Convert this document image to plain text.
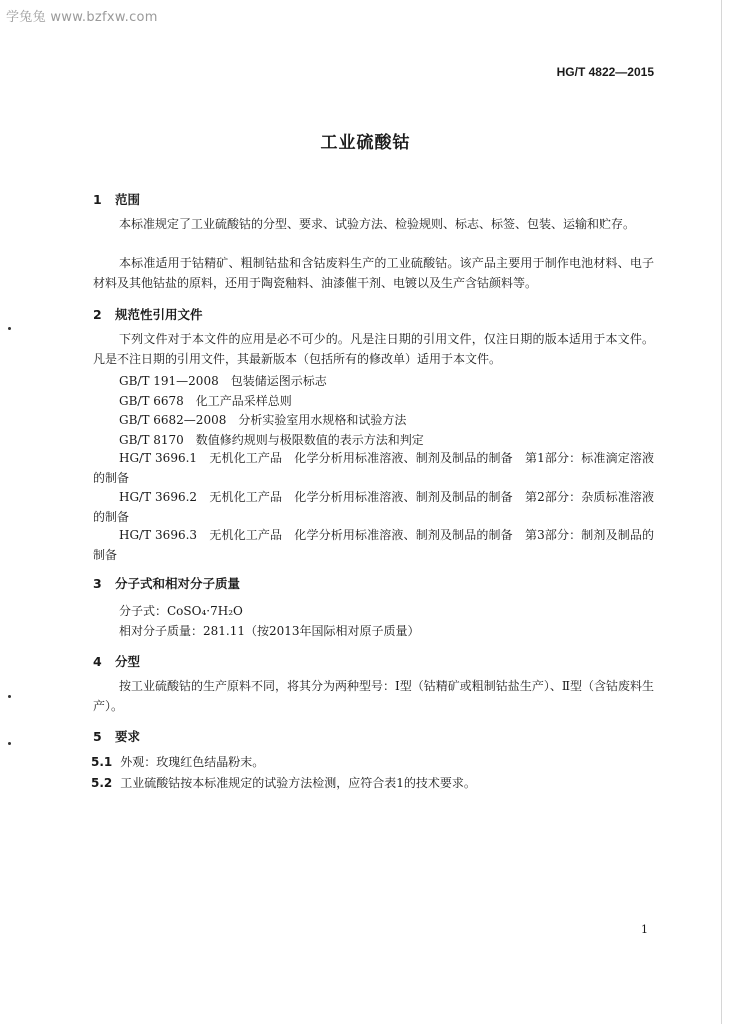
学兔兔 www.bzfxw.com
HG/T 4822—2015
工业硫酸钴
1 范围
本标准规定了工业硫酸钴的分型、要求、试验方法、检验规则、标志、标签、包装、运输和贮存。
本标准适用于钴精矿、粗制钴盐和含钴废料生产的工业硫酸钴。该产品主要用于制作电池材料、电子材料及其他钴盐的原料，还用于陶瓷釉料、油漆催干剂、电镀以及生产含钴颜料等。
2 规范性引用文件
下列文件对于本文件的应用是必不可少的。凡是注日期的引用文件，仅注日期的版本适用于本文件。凡是不注日期的引用文件，其最新版本（包括所有的修改单）适用于本文件。
GB/T 191—2008　包装储运图示标志
GB/T 6678　化工产品采样总则
GB/T 6682—2008　分析实验室用水规格和试验方法
GB/T 8170　数值修约规则与极限数值的表示方法和判定
HG/T 3696.1　无机化工产品　化学分析用标准溶液、制剂及制品的制备　第1部分：标准滴定溶液的制备
HG/T 3696.2　无机化工产品　化学分析用标准溶液、制剂及制品的制备　第2部分：杂质标准溶液的制备
HG/T 3696.3　无机化工产品　化学分析用标准溶液、制剂及制品的制备　第3部分：制剂及制品的制备
3 分子式和相对分子质量
分子式：CoSO₄·7H₂O
相对分子质量：281.11（按2013年国际相对原子质量）
4 分型
按工业硫酸钴的生产原料不同，将其分为两种型号：Ⅰ型（钴精矿或粗制钴盐生产）、Ⅱ型（含钴废料生产）。
5 要求
5.1 外观：玫瑰红色结晶粉末。
5.2 工业硫酸钴按本标准规定的试验方法检测，应符合表1的技术要求。
1
